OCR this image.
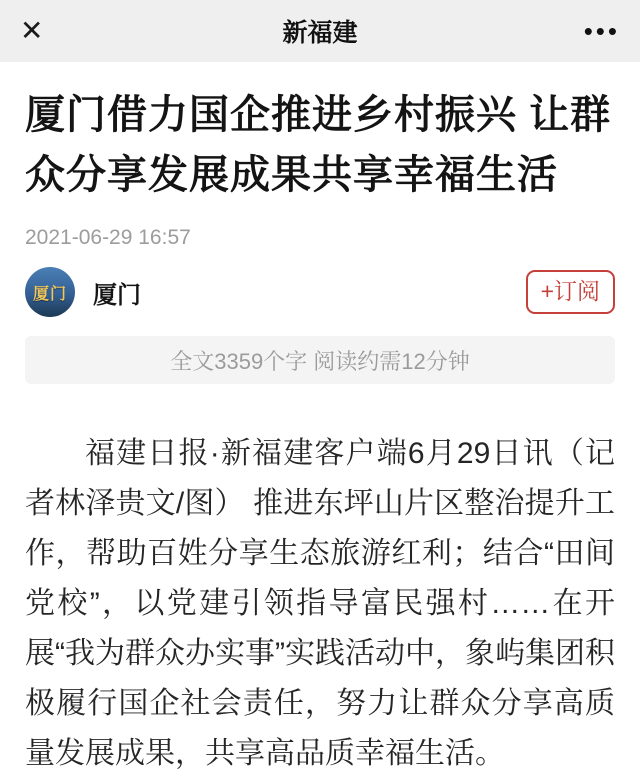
✕	新福建	•••
厦门借力国企推进乡村振兴 让群众分享发展成果共享幸福生活
2021-06-29 16:57
厦门 厦门	+订阅
全文3359个字 阅读约需12分钟

福建日报·新福建客户端6月29日讯（记者林泽贵文/图） 推进东坪山片区整治提升工作，帮助百姓分享生态旅游红利；结合“田间党校”，以党建引领指导富民强村……在开展“我为群众办实事”实践活动中，象屿集团积极履行国企社会责任，努力让群众分享高质量发展成果，共享高品质幸福生活。
